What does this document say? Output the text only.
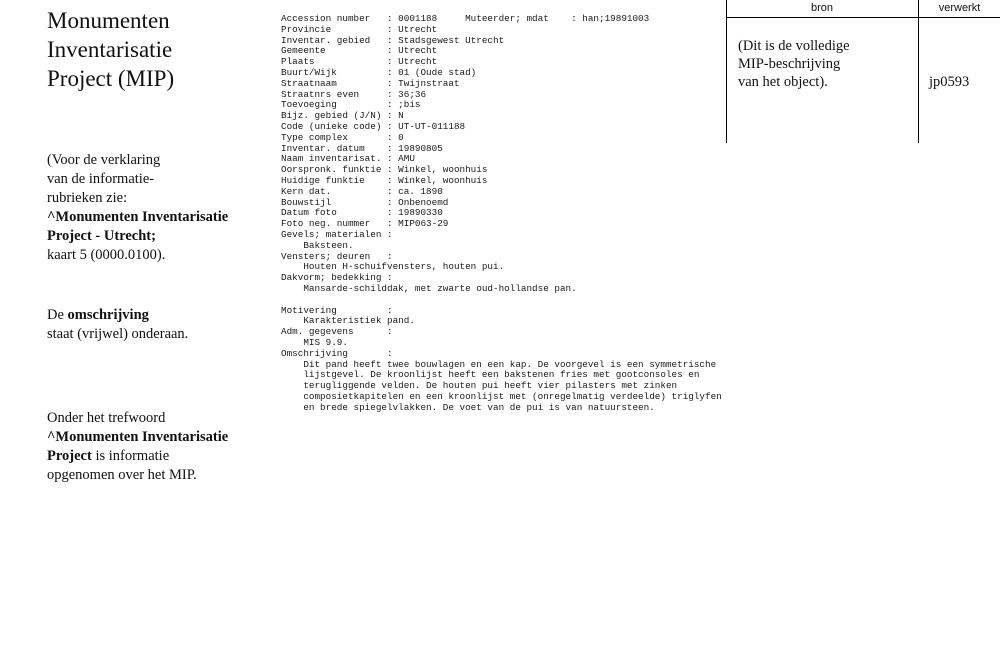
Monumenten
Inventarisatie
Project (MIP)
(Voor de verklaring
van de informatie-
rubrieken zie:
^Monumenten Inventarisatie
Project - Utrecht;
kaart 5 (0000.0100).
De omschrijving
staat (vrijwel) onderaan.
Onder het trefwoord
^Monumenten Inventarisatie
Project is informatie
opgenomen over het MIP.
Accession number   : 0001188     Muteerder; mdat    : han;19891003
Provincie          : Utrecht
Inventar. gebied   : Stadsgewest Utrecht
Gemeente           : Utrecht
Plaats             : Utrecht
Buurt/Wijk         : 01 (Oude stad)
Straatnaam         : Twijnstraat
Straatnrs even     : 36;36
Toevoeging         : ;bis
Bijz. gebied (J/N) : N
Code (unieke code) : UT-UT-011188
Type complex       : 0
Inventar. datum    : 19890805
Naam inventarisat. : AMU
Oorspronk. funktie : Winkel, woonhuis
Huidige funktie    : Winkel, woonhuis
Kern dat.          : ca. 1890
Bouwstijl          : Onbenoemd
Datum foto         : 19890330
Foto neg. nummer   : MIP063-29
Gevels; materialen :
Baksteen.
Vensters; deuren   :
Houten H-schuifvensters, houten pui.
Dakvorm; bedekking :
Mansarde-schilddak, met zwarte oud-hollandse pan.

Motivering         :
Karakteristiek pand.
Adm. gegevens      :
MIS 9.9.
Omschrijving       :
Dit pand heeft twee bouwlagen en een kap. De voorgevel is een symmetrische
lijstgevel. De kroonlijst heeft een bakstenen fries met gootconsoles en
terugliggende velden. De houten pui heeft vier pilasters met zinken
composietkapitelen en een kroonlijst met (onregelmatig verdeelde) triglyfen
en brede spiegelvlakken. De voet van de pui is van natuursteen.
bron	verwerkt
(Dit is de volledige
MIP-beschrijving
van het object).	jp0593
